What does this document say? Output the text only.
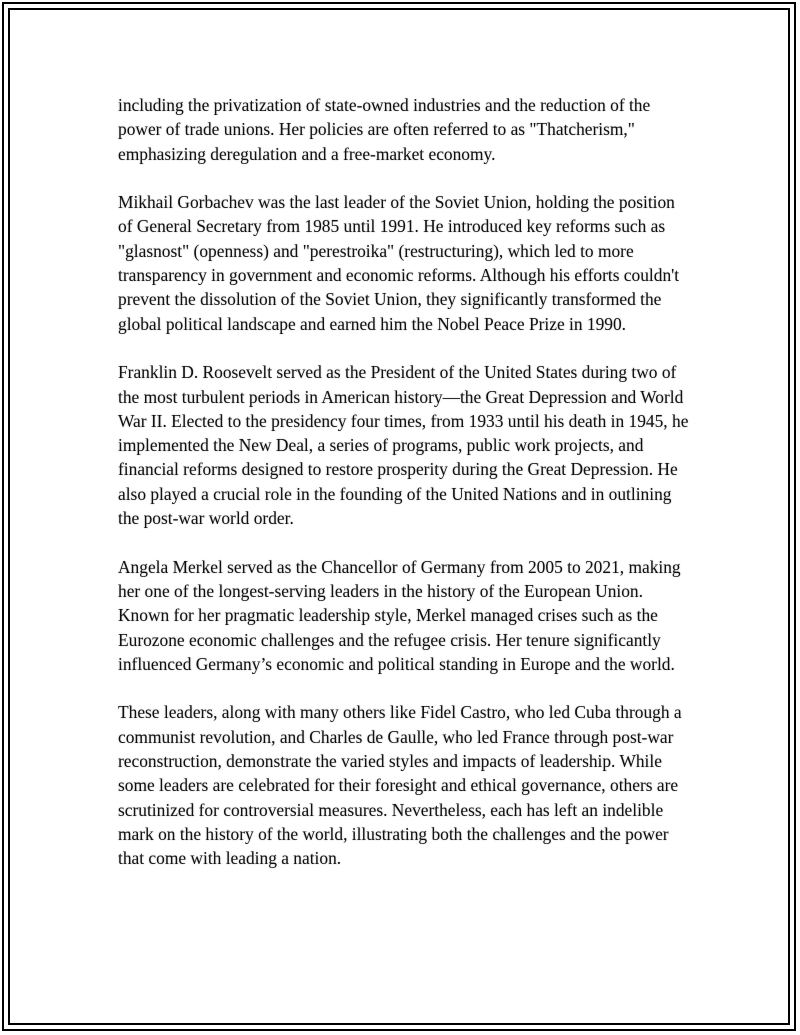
including the privatization of state-owned industries and the reduction of the power of trade unions. Her policies are often referred to as "Thatcherism," emphasizing deregulation and a free-market economy.

Mikhail Gorbachev was the last leader of the Soviet Union, holding the position of General Secretary from 1985 until 1991. He introduced key reforms such as "glasnost" (openness) and "perestroika" (restructuring), which led to more transparency in government and economic reforms. Although his efforts couldn't prevent the dissolution of the Soviet Union, they significantly transformed the global political landscape and earned him the Nobel Peace Prize in 1990.

Franklin D. Roosevelt served as the President of the United States during two of the most turbulent periods in American history—the Great Depression and World War II. Elected to the presidency four times, from 1933 until his death in 1945, he implemented the New Deal, a series of programs, public work projects, and financial reforms designed to restore prosperity during the Great Depression. He also played a crucial role in the founding of the United Nations and in outlining the post-war world order.

Angela Merkel served as the Chancellor of Germany from 2005 to 2021, making her one of the longest-serving leaders in the history of the European Union. Known for her pragmatic leadership style, Merkel managed crises such as the Eurozone economic challenges and the refugee crisis. Her tenure significantly influenced Germany’s economic and political standing in Europe and the world.

These leaders, along with many others like Fidel Castro, who led Cuba through a communist revolution, and Charles de Gaulle, who led France through post-war reconstruction, demonstrate the varied styles and impacts of leadership. While some leaders are celebrated for their foresight and ethical governance, others are scrutinized for controversial measures. Nevertheless, each has left an indelible mark on the history of the world, illustrating both the challenges and the power that come with leading a nation.
